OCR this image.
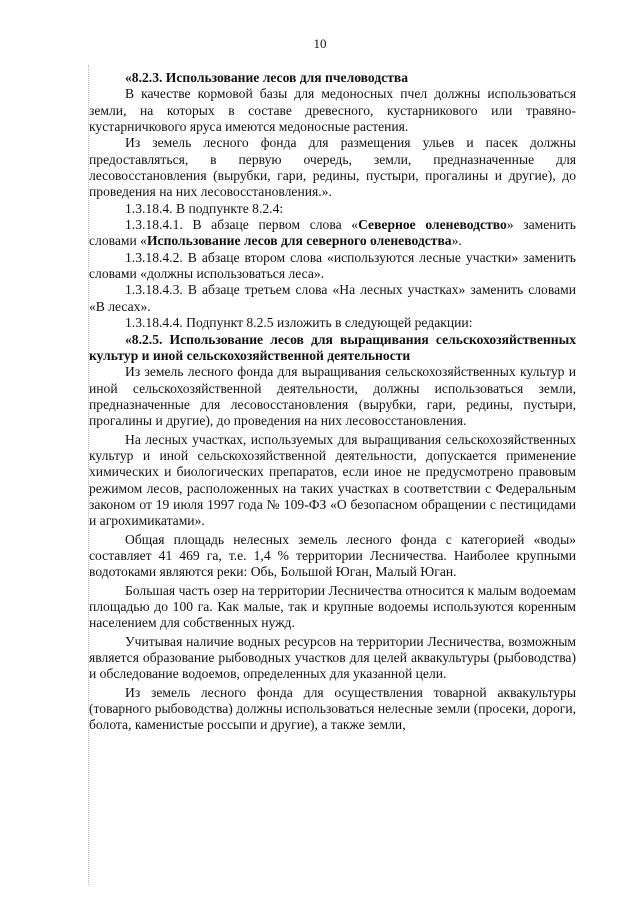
10

«8.2.3. Использование лесов для пчеловодства

В качестве кормовой базы для медоносных пчел должны использоваться земли, на которых в составе древесного, кустарникового или травяно-кустарничкового яруса имеются медоносные растения.

Из земель лесного фонда для размещения ульев и пасек должны предоставляться, в первую очередь, земли, предназначенные для лесовосстановления (вырубки, гари, редины, пустыри, прогалины и другие), до проведения на них лесовосстановления.».

1.3.18.4. В подпункте 8.2.4:

1.3.18.4.1. В абзаце первом слова «Северное оленеводство» заменить словами «Использование лесов для северного оленеводства».

1.3.18.4.2. В абзаце втором слова «используются лесные участки» заменить словами «должны использоваться леса».

1.3.18.4.3. В абзаце третьем слова «На лесных участках» заменить словами «В лесах».

1.3.18.4.4. Подпункт 8.2.5 изложить в следующей редакции:

«8.2.5. Использование лесов для выращивания сельскохозяйственных культур и иной сельскохозяйственной деятельности

Из земель лесного фонда для выращивания сельскохозяйственных культур и иной сельскохозяйственной деятельности, должны использоваться земли, предназначенные для лесовосстановления (вырубки, гари, редины, пустыри, прогалины и другие), до проведения на них лесовосстановления.

На лесных участках, используемых для выращивания сельскохозяйственных культур и иной сельскохозяйственной деятельности, допускается применение химических и биологических препаратов, если иное не предусмотрено правовым режимом лесов, расположенных на таких участках в соответствии с Федеральным законом от 19 июля 1997 года № 109-ФЗ «О безопасном обращении с пестицидами и агрохимикатами».

Общая площадь нелесных земель лесного фонда с категорией «воды» составляет 41 469 га, т.е. 1,4 % территории Лесничества. Наиболее крупными водотоками являются реки: Обь, Большой Юган, Малый Юган.

Большая часть озер на территории Лесничества относится к малым водоемам площадью до 100 га. Как малые, так и крупные водоемы используются коренным населением для собственных нужд.

Учитывая наличие водных ресурсов на территории Лесничества, возможным является образование рыбоводных участков для целей аквакультуры (рыбоводства) и обследование водоемов, определенных для указанной цели.

Из земель лесного фонда для осуществления товарной аквакультуры (товарного рыбоводства) должны использоваться нелесные земли (просеки, дороги, болота, каменистые россыпи и другие), а также земли,
